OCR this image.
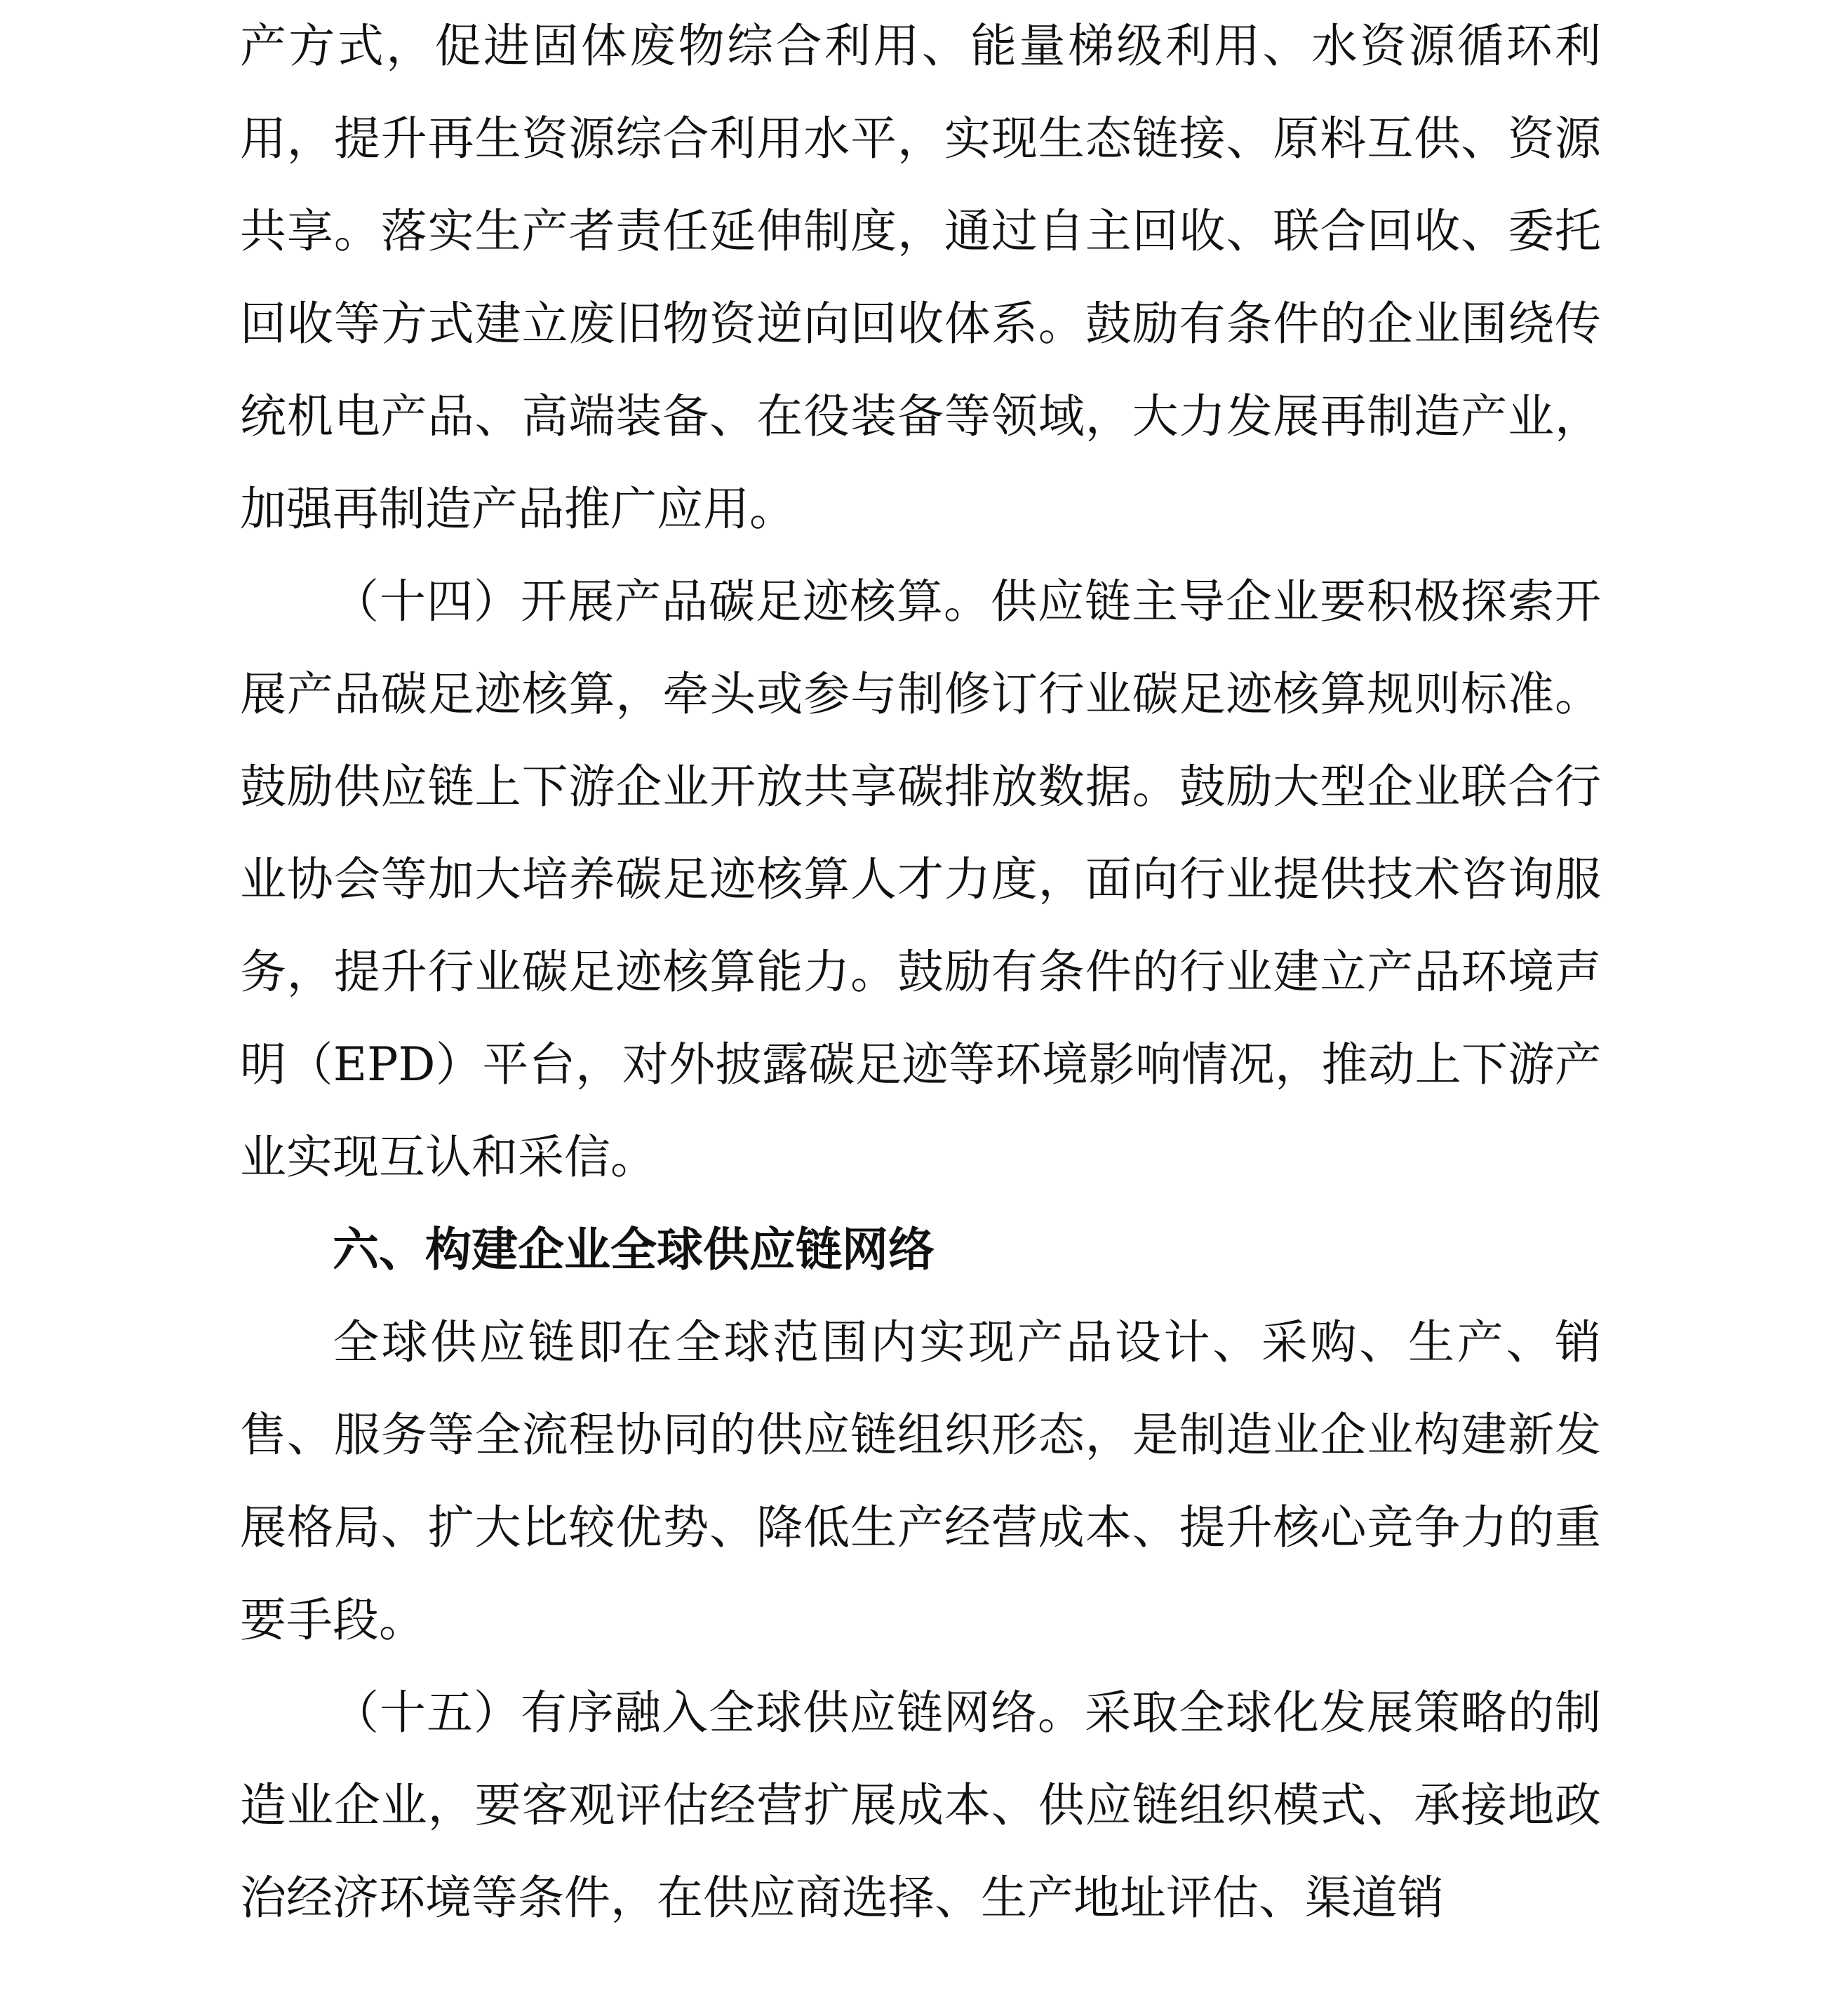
产方式，促进固体废物综合利用、能量梯级利用、水资源循环利用，提升再生资源综合利用水平，实现生态链接、原料互供、资源共享。落实生产者责任延伸制度，通过自主回收、联合回收、委托回收等方式建立废旧物资逆向回收体系。鼓励有条件的企业围绕传统机电产品、高端装备、在役装备等领域，大力发展再制造产业，加强再制造产品推广应用。

（十四）开展产品碳足迹核算。供应链主导企业要积极探索开展产品碳足迹核算，牵头或参与制修订行业碳足迹核算规则标准。鼓励供应链上下游企业开放共享碳排放数据。鼓励大型企业联合行业协会等加大培养碳足迹核算人才力度，面向行业提供技术咨询服务，提升行业碳足迹核算能力。鼓励有条件的行业建立产品环境声明（EPD）平台，对外披露碳足迹等环境影响情况，推动上下游产业实现互认和采信。

六、构建企业全球供应链网络

全球供应链即在全球范围内实现产品设计、采购、生产、销售、服务等全流程协同的供应链组织形态，是制造业企业构建新发展格局、扩大比较优势、降低生产经营成本、提升核心竞争力的重要手段。

（十五）有序融入全球供应链网络。采取全球化发展策略的制造业企业，要客观评估经营扩展成本、供应链组织模式、承接地政治经济环境等条件，在供应商选择、生产地址评估、渠道销
